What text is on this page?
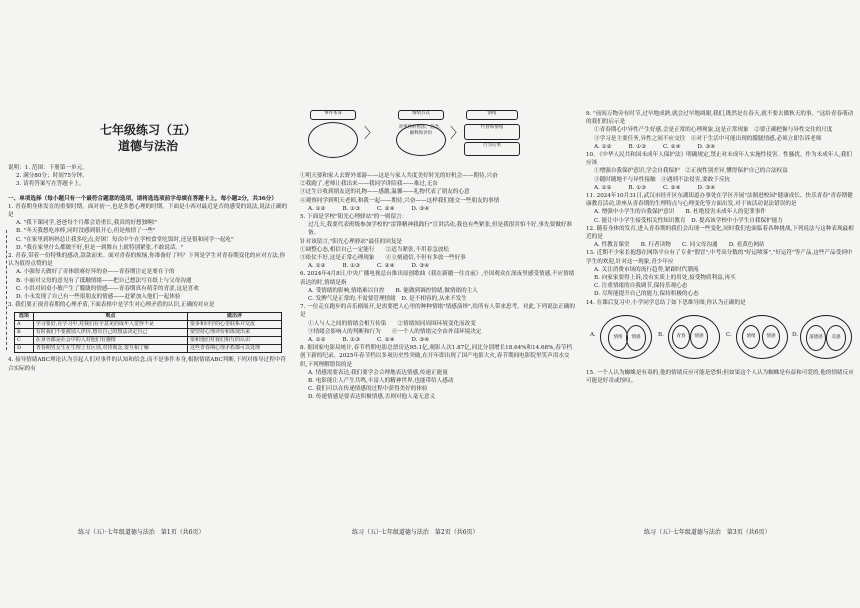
七年级练习（五）
道德与法治
说明：1. 范围：下册第一单元。
2. 满分80分；时间75分钟。
3. 请将答案写在答题卡上。
一、单项选择（每小题只有一个最符合题意的选项，请将选选项前字母填在答题卡上，每小题2分，共36分）
1. 青春期身体发育的重要时期。面对初一,也是多愁心理的时期。下面是小西对最近是否的感受的说法,说法正确的是
A. "我下课同学,爸爸每个月都会语重长,我真的好想独啊!"
B. "冬天我想吃冰棒,同时没感到很开心,但是热情了一些"
C. "在家里到妈妈总让我多吃点,好困！每次中午在学校食堂吃饭时,还是很和同学一起吃"
D. "我在家里什么都做不好,但是一到舞台上就特别紧张,不敢说话。"
2. 青春,带着一份特殊的感动,款款而来。面对青春的烦恼,你准备好了吗？下列是学生对青春期变化的应对方法,你认为值得点赞的是
A. 小强每天做好了奇体联赛好坏的奋——青春期注定是要在于的
B. 小丽对父母的意见有了抵触情绪——把自己想法写在纸上与父母沟通
C. 小洪对同桌小敏产生了朦胧的情感——青春期真有萌芽的青涩,这是喜欢
D. 小永发现了自己有一些很朋友的情感——赶紧加入他们一起体验
3. 我们要正视青春期的心理矛盾,下面表格中是学生对心理矛盾的认识,正确的对应是
选项	观点	做出评
A	学习要好,在学习中,对我们在乎意见的成年人觉得不是	要多和同学的心里联系并交流
B	有时我们不要被别人评价,想有自己的想法决定自己	要坚持心理评价和体现出来
C	在身旁都是社会中的人对他们有感情	要和他们对我们相互的认识
D	青春期男女生在生理上有区别,对待观念,要互相了解	这些青春期心理矛盾都可以处理
4. 接导情绪ABC理论认为引起人们对事件的认知和信念,而不是事件本身,根据情绪ABC判断,下列对推导过程中符合实际的有
练习（五）·七年级道德与法治　第1页（共6页）
事件本身	情绪方式
对事件的看法、信念、解释和评价
情绪
代替和情绪
行为后果
〉	〉
①明天要和家人去野外郊游——这是与家人共度美好时光的好机会——期待,兴奋
②我跑了,老师让我出来——我同学讲陪我——难过,无奈
③过生日收到朋友送的礼物——感激,温馨——礼物代表了朋友的心意
④观察同学到明天老师,和我一起——期待,兴奋——这样我们能交一些朋友的事情
A. ①②　　　	B. ①③　　　	C. ②④　　　	D. ③④
5. 下面是学校"阳光心理驿站"的一则留言：
过几天,我要代表班级参加学校的"雷锋精神我践行"宣讲活动,我也有些紧张,但是我很害怕不好,事先要做好准备。
针对该留言,"阳光心理驿站"最佳的回复是
①调整心态,相信自己一定能行　　②适当紧张,不用着急放松
③依仗不好,这是正常心理现象　　④立刻通信,不但有多放一些好事
A. ①②　　　	B. ①③　　　	C. ②④　　　	D. ③④
6. 2024年4月8日,中央广播电视总台推出原创歌曲《我在新疆一往直前》,全国观众在深夜里感受情感,不应情绪表达的时,情绪是指
A. 受情绪的影响,情绪难以自控　　B. 能做到调控情绪,做情绪的主人
C. 发脾气是正常的,不需要管理情绪　D. 是不相容的,从来不发生
7. 一位走在跑步的音乐剧展开,是需要把人心里的种种情绪"情感演绎",给所有人带来思考。对此,下列说法正确的是
①人与人之间的情绪会相互传染　　②情绪间同周围环境变化而改变
③情绪会影响人的判断和行为　　④一个人的情绪完全由外部环境决定
A. ①②　　　	B. ①③　　　	C. ②④　　　	D. ③④
8. 据国家电影局统计,春节档期电影总票房达95.1亿,观影人次1.87亿,同比分别增长18.64%和14.68%,春节档创下新的纪录。2025年春节档以多项历史性突破,在开年即出现了国产电影大火,春节期间电影院里笑声泪水交织,下列理解错误的是
A. 情感需要表达,我们要学会合理地表达情感,传递正能量
B. 电影能让人产生共鸣,丰富人的精神世界,也能带给人感动
C. 我们可以在传递情感的过程中获得美好的体验
D. 传递情感是要表达积极情感,否则对他人毫无意义
练习（五）·七年级道德与法治　第2页（共6页）
9. "前间万物旁有时节,过早地成熟,就会过早地凋谢,我们,既然是在春天,就不要去做秋天的事。"这给青春萌动的我们的启示是
①青春期心中异性产生好感,会是正常的心理现象,这是正常现象　②要正确把握与异性交往的尺度
③学习是主要任务,异性之间不应交往　④对于生活中可能出现的朦胧情感,必须立即告诉老师
A. ①②　　　	B. ①③　　　	C. ②④　　　	D. ③④
10. 《中华人民共和国未成年人保护法》明确规定,禁止对未成年人实施性侵害。性骚扰。作为未成年人,我们应该
①增强自我保护意识,学会自我保护　②正视性别差异,懂得保护自己的合法权益
③随时随地不与异性接触　④遇到不法侵害,要敢于反抗
A. ①②　　　	B. ①③　　　	C. ②④　　　	D. ③④
11. 2024年10月31日,武汉市经开区东湖街道办事处在学区开展"法制进校园"健康成长、快乐青春"青春期健康教育活动,讲座从青春期的生理特点与心理变化等方面出发,对于该活动说法错误的是
A. 增强中小学生的自我保护意识　　B. 杜绝侵害未成年人的犯罪事件
C. 能让中小学生接受相关性知识教育　D. 提高该学校中小学生自我保护能力
12. 随着身体的发育,进入青春期的我们会出现一些变化,同时我们也面临着各种挑战,下列说法与这种表现最相近的是
A. 性教育课堂　　B. 行者读物　　C. 同父母沟通　　D. 看黄色网站
13. 近期不少家长抱怨在网络平台有了专业"假冒",中考高分数的"好运喷雾","好运符"等产品,这些产品受到中学生的欢迎,针对这一现象,青少年应
A. 关注消费市场的流行趋势,紧跟时代潮流
B. 向家家要得上诉,没有实质上的用处,接受物质利益,再买
C. 注重情绪的自我调节,保持乐观心态
D. 尽所能提升自己的能力,保持积极的心态
14. 在课后复习中,小学同学总结了如下思维导图,你认为正确的是
A.	情绪	情感	B.	青春	情感	C.	情绪	情感	D.	道德感	美感
15. 一个人认为蜘蛛是有毒的,他的情绪反应可能是恐惧;但如果这个人认为蜘蛛是有益和可爱的,他的情绪反应可能是好奇或惊叹。
练习（五）·七年级道德与法治　第3页（共6页）
